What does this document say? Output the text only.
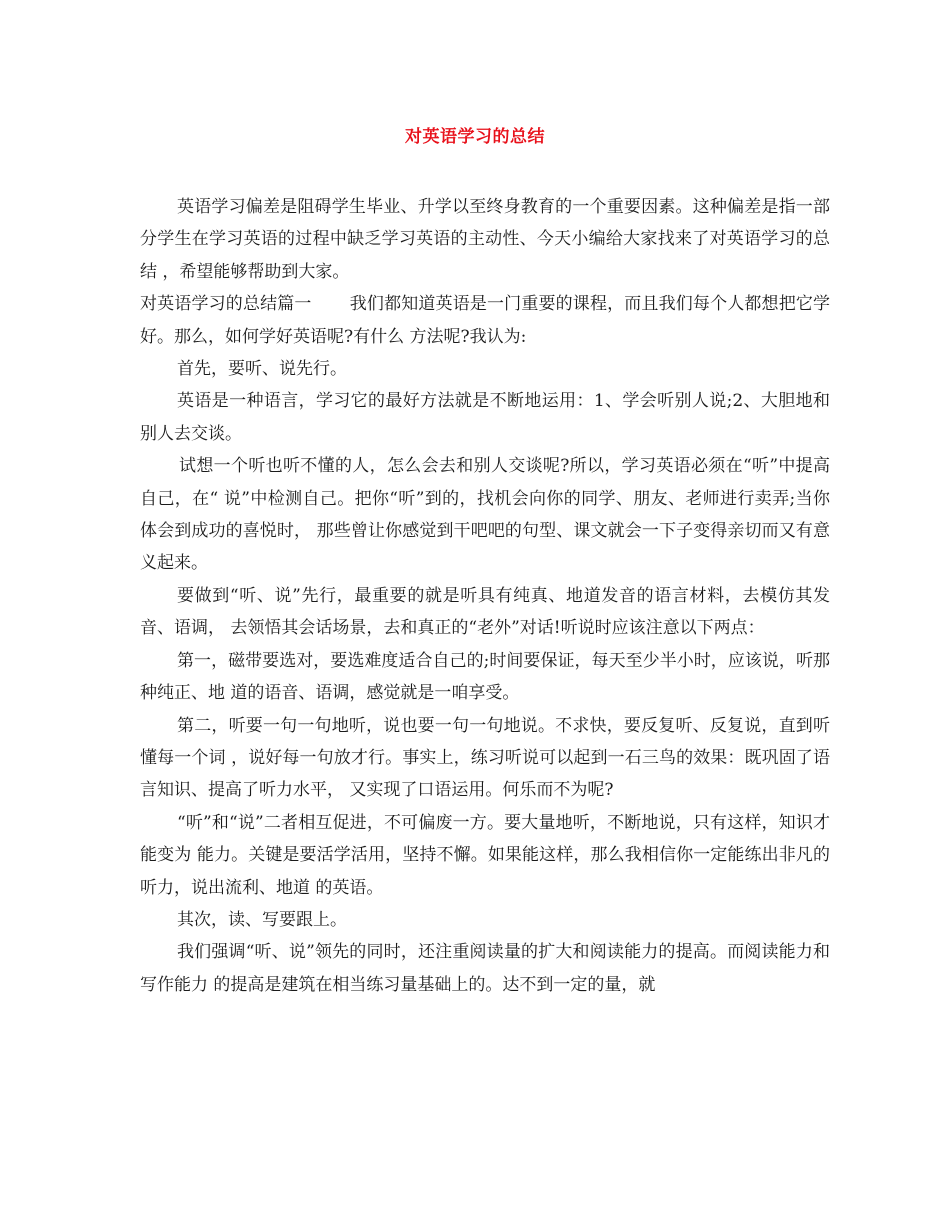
对英语学习的总结

英语学习偏差是阻碍学生毕业、升学以至终身教育的一个重要因素。这种偏差是指一部分学生在学习英语的过程中缺乏学习英语的主动性、今天小编给大家找来了对英语学习的总结 ，希望能够帮助到大家。

对英语学习的总结篇一 我们都知道英语是一门重要的课程，而且我们每个人都想把它学好。那么，如何学好英语呢?有什么 方法呢?我认为:

首先，要听、说先行。

英语是一种语言，学习它的最好方法就是不断地运用：1、学会听别人说;2、大胆地和别人去交谈。

试想一个听也听不懂的人，怎么会去和别人交谈呢?所以，学习英语必须在“听”中提高自己，在“ 说”中检测自己。把你“听”到的，找机会向你的同学、朋友、老师进行卖弄;当你体会到成功的喜悦时， 那些曾让你感觉到干吧吧的句型、课文就会一下子变得亲切而又有意义起来。

要做到“听、说”先行，最重要的就是听具有纯真、地道发音的语言材料，去模仿其发音、语调， 去领悟其会话场景，去和真正的“老外”对话!听说时应该注意以下两点：

第一，磁带要选对，要选难度适合自己的;时间要保证，每天至少半小时，应该说，听那种纯正、地 道的语音、语调，感觉就是一咱享受。

第二，听要一句一句地听，说也要一句一句地说。不求快，要反复听、反复说，直到听懂每一个词 ，说好每一句放才行。事实上，练习听说可以起到一石三鸟的效果：既巩固了语言知识、提高了听力水平， 又实现了口语运用。何乐而不为呢?

“听”和“说”二者相互促进，不可偏废一方。要大量地听，不断地说，只有这样，知识才能变为 能力。关键是要活学活用，坚持不懈。如果能这样，那么我相信你一定能练出非凡的听力，说出流利、地道 的英语。

其次，读、写要跟上。

我们强调“听、说”领先的同时，还注重阅读量的扩大和阅读能力的提高。而阅读能力和写作能力 的提高是建筑在相当练习量基础上的。达不到一定的量，就
